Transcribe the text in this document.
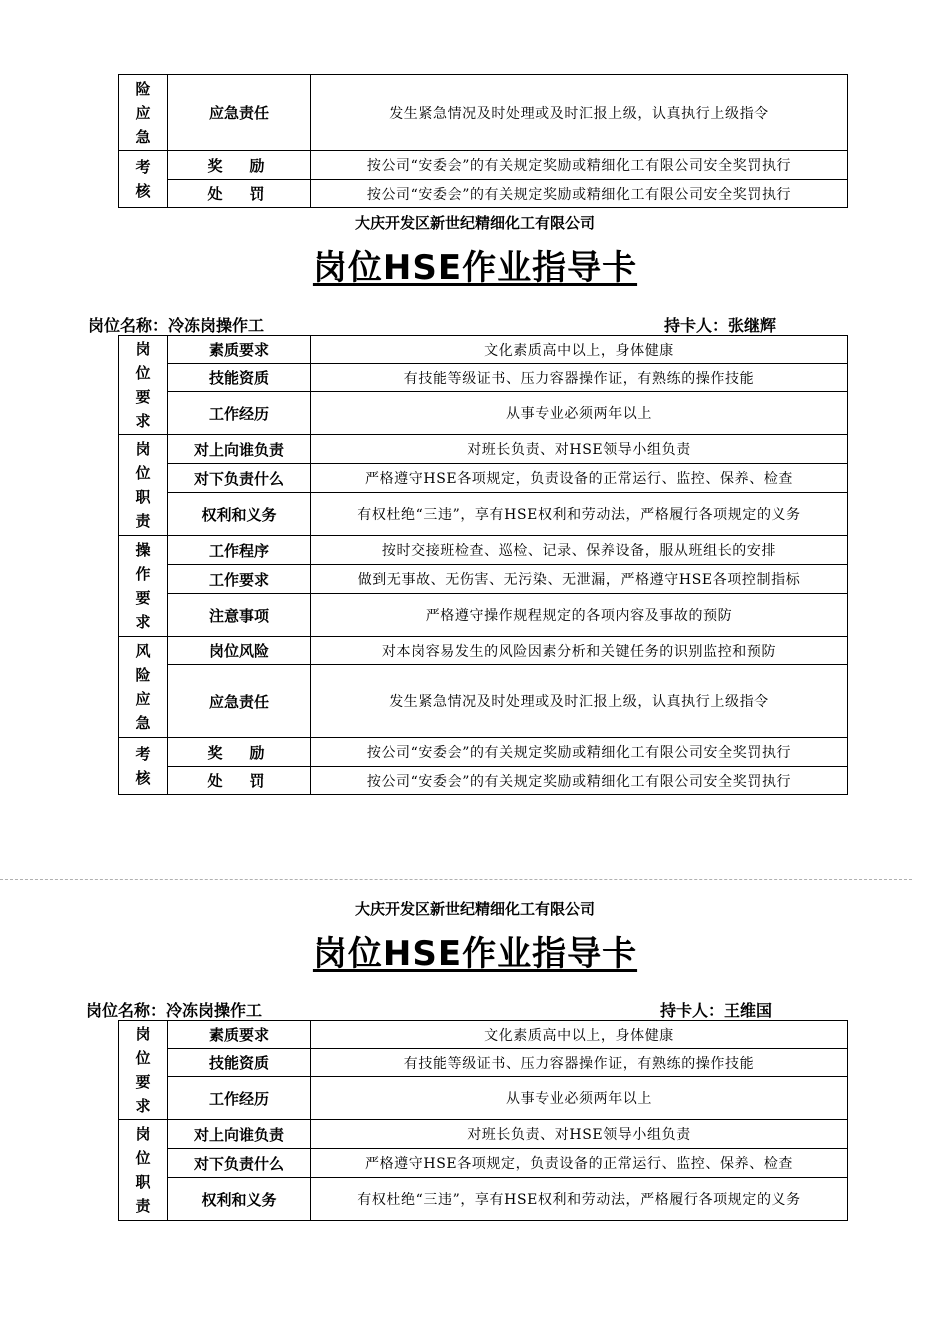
险
应
急	应急责任	发生紧急情况及时处理或及时汇报上级，认真执行上级指令

考
核	奖　励	按公司“安委会”的有关规定奖励或精细化工有限公司安全奖罚执行
	处　罚	按公司“安委会”的有关规定奖励或精细化工有限公司安全奖罚执行
大庆开发区新世纪精细化工有限公司
岗位HSE作业指导卡
岗位名称：冷冻岗操作工	持卡人：张继辉
岗
位
要
求	素质要求	文化素质高中以上，身体健康
	技能资质	有技能等级证书、压力容器操作证，有熟练的操作技能
	工作经历	从事专业必须两年以上

岗
位
职
责	对上向谁负责	对班长负责、对HSE领导小组负责
	对下负责什么	严格遵守HSE各项规定，负责设备的正常运行、监控、保养、检查
	权利和义务	有权杜绝“三违”，享有HSE权利和劳动法，严格履行各项规定的义务

操
作
要
求	工作程序	按时交接班检查、巡检、记录、保养设备，服从班组长的安排
	工作要求	做到无事故、无伤害、无污染、无泄漏，严格遵守HSE各项控制指标
	注意事项	严格遵守操作规程规定的各项内容及事故的预防

风
险
应
急	岗位风险	对本岗容易发生的风险因素分析和关键任务的识别监控和预防
	应急责任	发生紧急情况及时处理或及时汇报上级，认真执行上级指令

考
核	奖　励	按公司“安委会”的有关规定奖励或精细化工有限公司安全奖罚执行
	处　罚	按公司“安委会”的有关规定奖励或精细化工有限公司安全奖罚执行
大庆开发区新世纪精细化工有限公司
岗位HSE作业指导卡
岗位名称：冷冻岗操作工	持卡人：王维国
岗
位
要
求	素质要求	文化素质高中以上，身体健康
	技能资质	有技能等级证书、压力容器操作证，有熟练的操作技能
	工作经历	从事专业必须两年以上

岗
位
职
责	对上向谁负责	对班长负责、对HSE领导小组负责
	对下负责什么	严格遵守HSE各项规定，负责设备的正常运行、监控、保养、检查
	权利和义务	有权杜绝“三违”，享有HSE权利和劳动法，严格履行各项规定的义务
